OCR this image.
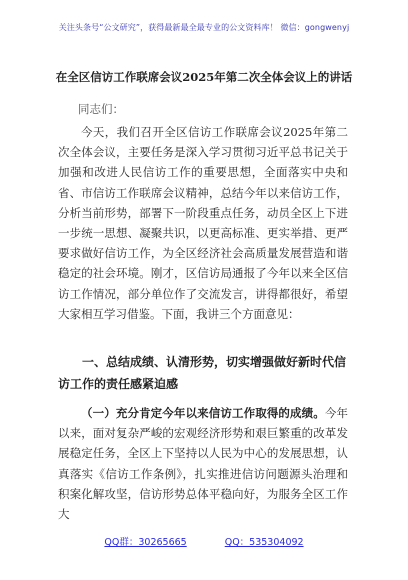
关注头条号“公文研究”，获得最新最全最专业的公文资料库！ 微信：gongwenyj
在全区信访工作联席会议2025年第二次全体会议上的讲话
同志们：

今天，我们召开全区信访工作联席会议2025年第二次全体会议，主要任务是深入学习贯彻习近平总书记关于加强和改进人民信访工作的重要思想，全面落实中央和省、市信访工作联席会议精神，总结今年以来信访工作，分析当前形势，部署下一阶段重点任务，动员全区上下进一步统一思想、凝聚共识，以更高标准、更实举措、更严要求做好信访工作，为全区经济社会高质量发展营造和谐稳定的社会环境。刚才，区信访局通报了今年以来全区信访工作情况，部分单位作了交流发言，讲得都很好，希望大家相互学习借鉴。下面，我讲三个方面意见：

一、总结成绩、认清形势，切实增强做好新时代信访工作的责任感紧迫感

（一）充分肯定今年以来信访工作取得的成绩。今年以来，面对复杂严峻的宏观经济形势和艰巨繁重的改革发展稳定任务，全区上下坚持以人民为中心的发展思想，认真落实《信访工作条例》，扎实推进信访问题源头治理和积案化解攻坚，信访形势总体平稳向好，为服务全区工作大

QQ群：30265665	QQ：535304092
